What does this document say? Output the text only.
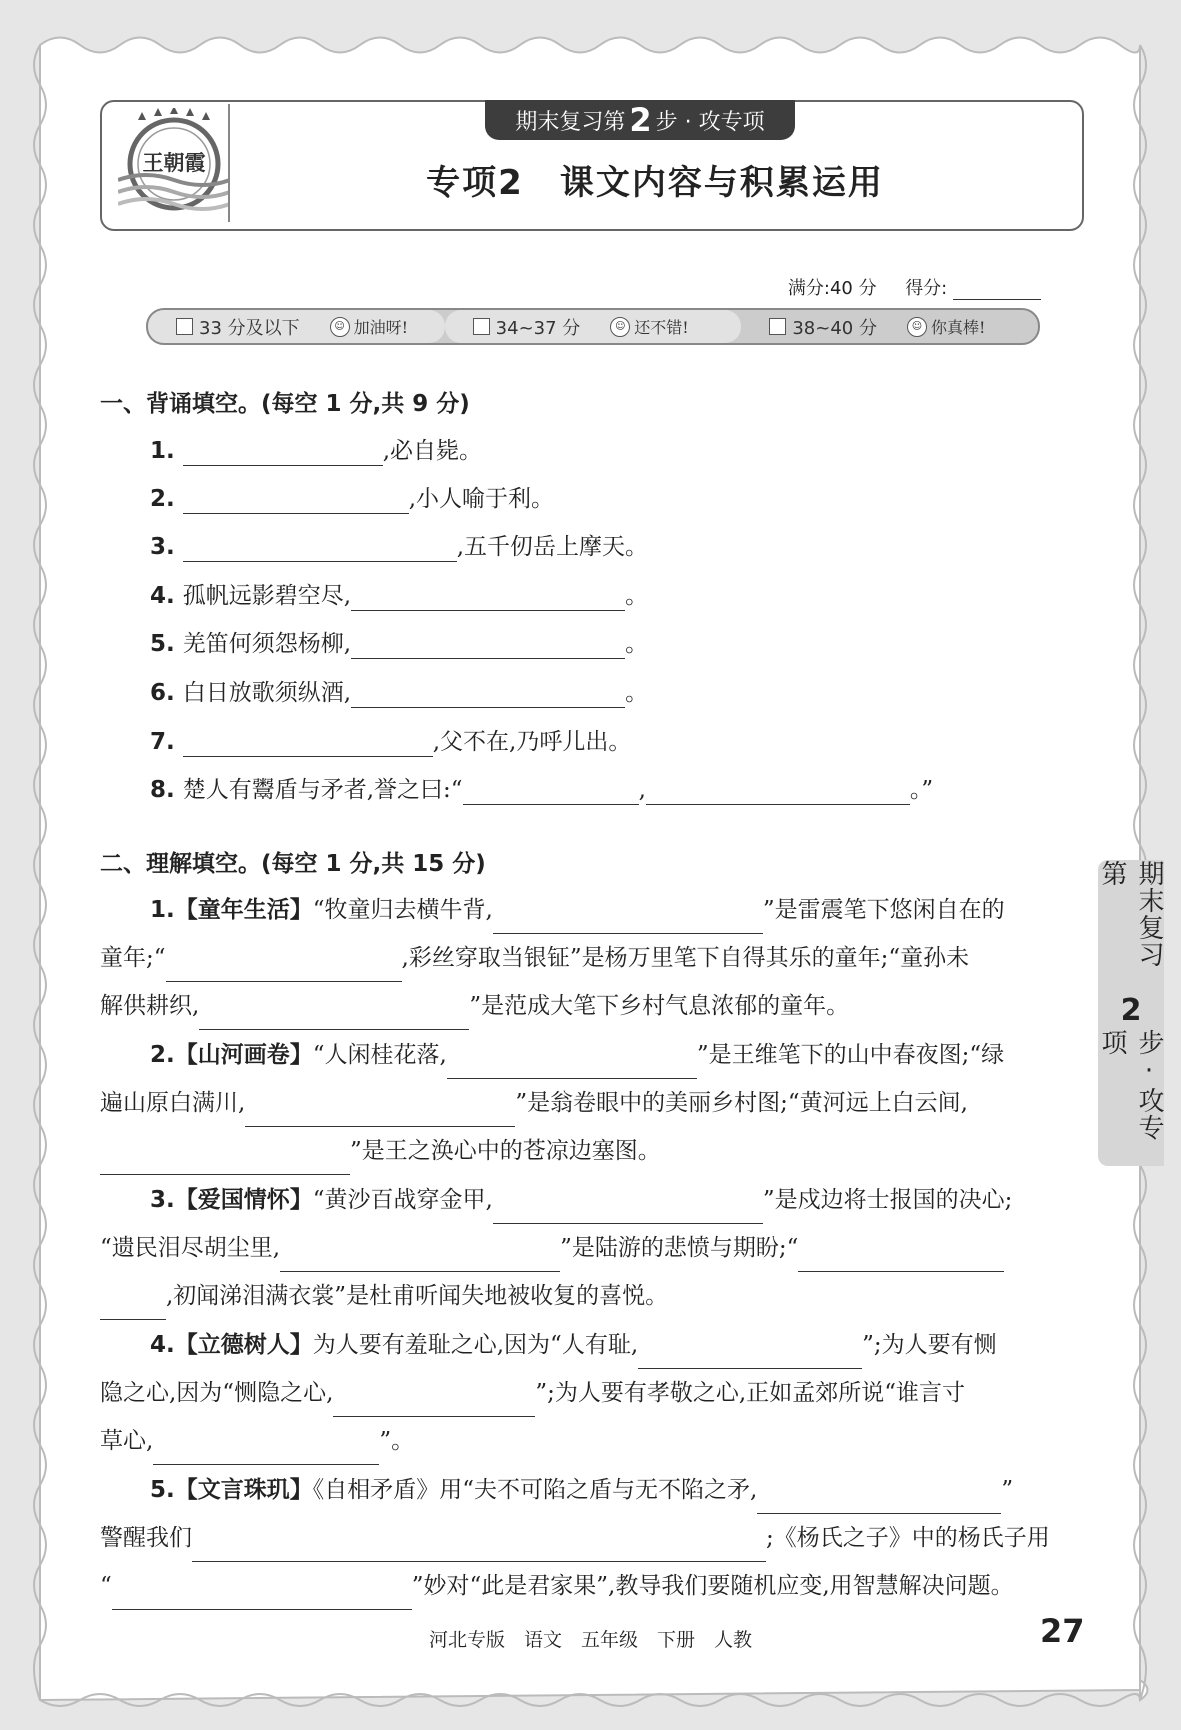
王朝霞
期末复习第 2 步 · 攻专项
专项2　课文内容与积累运用
满分:40 分 得分:
33 分及以下	☺ 加油呀!	34~37 分	☺ 还不错!	38~40 分	☺ 你真棒!
一、背诵填空。(每空 1 分,共 9 分)
1.	,必自毙。
2.	,小人喻于利。
3.	,五千仞岳上摩天。
4. 孤帆远影碧空尽,	。
5. 羌笛何须怨杨柳,	。
6. 白日放歌须纵酒,	。
7.	,父不在,乃呼儿出。
8. 楚人有鬻盾与矛者,誉之曰:“	,	。”
二、理解填空。(每空 1 分,共 15 分)
1.【童年生活】“牧童归去横牛背,	”是雷震笔下悠闲自在的
童年;“	,彩丝穿取当银钲”是杨万里笔下自得其乐的童年;“童孙未
解供耕织,	”是范成大笔下乡村气息浓郁的童年。
2.【山河画卷】“人闲桂花落,	”是王维笔下的山中春夜图;“绿
遍山原白满川,	”是翁卷眼中的美丽乡村图;“黄河远上白云间,
”是王之涣心中的苍凉边塞图。
3.【爱国情怀】“黄沙百战穿金甲,	”是戍边将士报国的决心;
“遗民泪尽胡尘里,	”是陆游的悲愤与期盼;“
,初闻涕泪满衣裳”是杜甫听闻失地被收复的喜悦。
4.【立德树人】为人要有羞耻之心,因为“人有耻,	”;为人要有恻
隐之心,因为“恻隐之心,	”;为人要有孝敬之心,正如孟郊所说“谁言寸
草心,	”。
5.【文言珠玑】《自相矛盾》用“夫不可陷之盾与无不陷之矛,	”
警醒我们	;《杨氏之子》中的杨氏子用
“	”妙对“此是君家果”,教导我们要随机应变,用智慧解决问题。
期末复习第
2
步·攻专项
河北专版　语文　五年级　下册　人教	27
